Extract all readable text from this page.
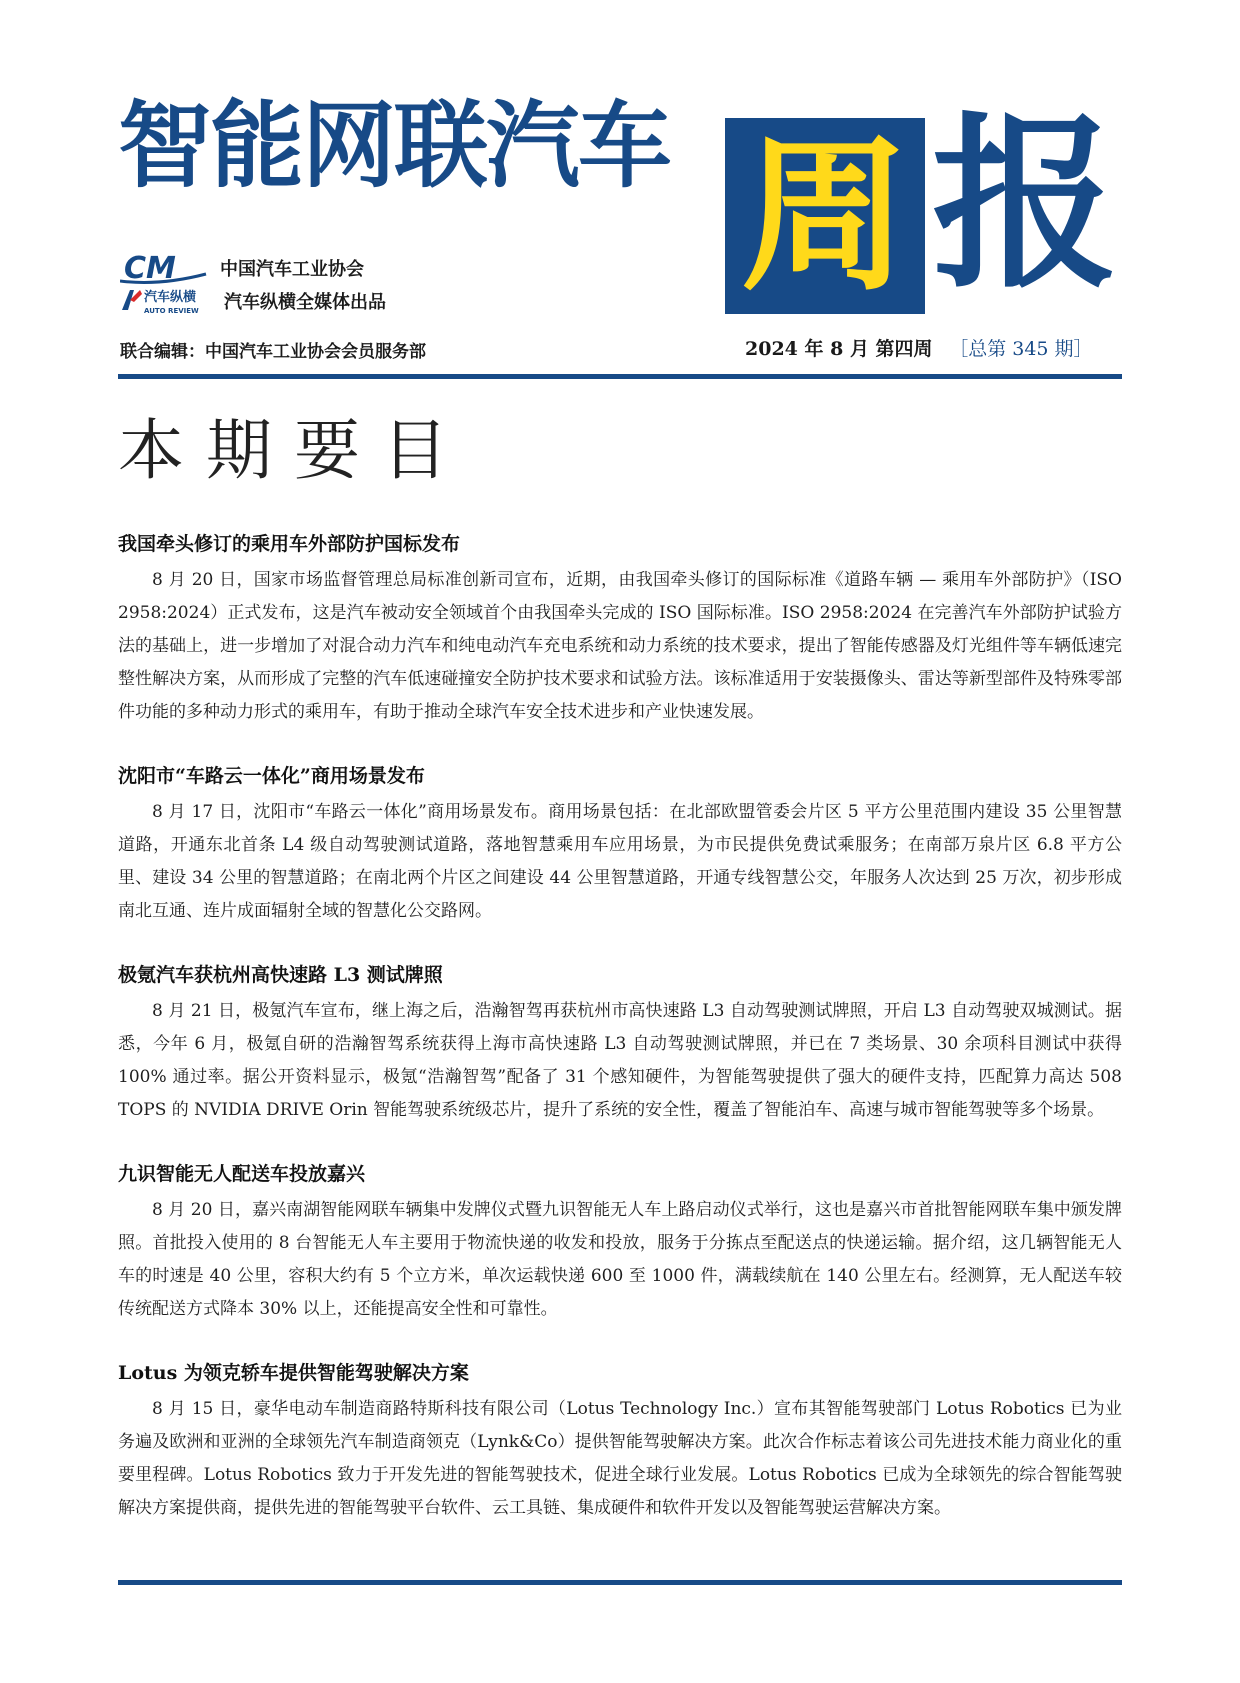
智能网联汽车 周 报
CM 中国汽车工业协会
汽车纵横
AUTO REVIEW 汽车纵横全媒体出品
联合编辑：中国汽车工业协会会员服务部	2024 年 8 月 第四周 ［总第 345 期］
本期要目
我国牵头修订的乘用车外部防护国标发布

8 月 20 日，国家市场监督管理总局标准创新司宣布，近期，由我国牵头修订的国际标准《道路车辆 — 乘用车外部防护》（ISO 2958:2024）正式发布，这是汽车被动安全领域首个由我国牵头完成的 ISO 国际标准。ISO 2958:2024 在完善汽车外部防护试验方法的基础上，进一步增加了对混合动力汽车和纯电动汽车充电系统和动力系统的技术要求，提出了智能传感器及灯光组件等车辆低速完整性解决方案，从而形成了完整的汽车低速碰撞安全防护技术要求和试验方法。该标准适用于安装摄像头、雷达等新型部件及特殊零部件功能的多种动力形式的乘用车，有助于推动全球汽车安全技术进步和产业快速发展。

沈阳市“车路云一体化”商用场景发布

8 月 17 日，沈阳市“车路云一体化”商用场景发布。商用场景包括：在北部欧盟管委会片区 5 平方公里范围内建设 35 公里智慧道路，开通东北首条 L4 级自动驾驶测试道路，落地智慧乘用车应用场景，为市民提供免费试乘服务；在南部万泉片区 6.8 平方公里、建设 34 公里的智慧道路；在南北两个片区之间建设 44 公里智慧道路，开通专线智慧公交，年服务人次达到 25 万次，初步形成南北互通、连片成面辐射全域的智慧化公交路网。

极氪汽车获杭州高快速路 L3 测试牌照

8 月 21 日，极氪汽车宣布，继上海之后，浩瀚智驾再获杭州市高快速路 L3 自动驾驶测试牌照，开启 L3 自动驾驶双城测试。据悉，今年 6 月，极氪自研的浩瀚智驾系统获得上海市高快速路 L3 自动驾驶测试牌照，并已在 7 类场景、30 余项科目测试中获得 100% 通过率。据公开资料显示，极氪“浩瀚智驾”配备了 31 个感知硬件，为智能驾驶提供了强大的硬件支持，匹配算力高达 508 TOPS 的 NVIDIA DRIVE Orin 智能驾驶系统级芯片，提升了系统的安全性，覆盖了智能泊车、高速与城市智能驾驶等多个场景。

九识智能无人配送车投放嘉兴

8 月 20 日，嘉兴南湖智能网联车辆集中发牌仪式暨九识智能无人车上路启动仪式举行，这也是嘉兴市首批智能网联车集中颁发牌照。首批投入使用的 8 台智能无人车主要用于物流快递的收发和投放，服务于分拣点至配送点的快递运输。据介绍，这几辆智能无人车的时速是 40 公里，容积大约有 5 个立方米，单次运载快递 600 至 1000 件，满载续航在 140 公里左右。经测算，无人配送车较传统配送方式降本 30% 以上，还能提高安全性和可靠性。

Lotus 为领克轿车提供智能驾驶解决方案

8 月 15 日，豪华电动车制造商路特斯科技有限公司（Lotus Technology Inc.）宣布其智能驾驶部门 Lotus Robotics 已为业务遍及欧洲和亚洲的全球领先汽车制造商领克（Lynk&Co）提供智能驾驶解决方案。此次合作标志着该公司先进技术能力商业化的重要里程碑。Lotus Robotics 致力于开发先进的智能驾驶技术，促进全球行业发展。Lotus Robotics 已成为全球领先的综合智能驾驶解决方案提供商，提供先进的智能驾驶平台软件、云工具链、集成硬件和软件开发以及智能驾驶运营解决方案。
